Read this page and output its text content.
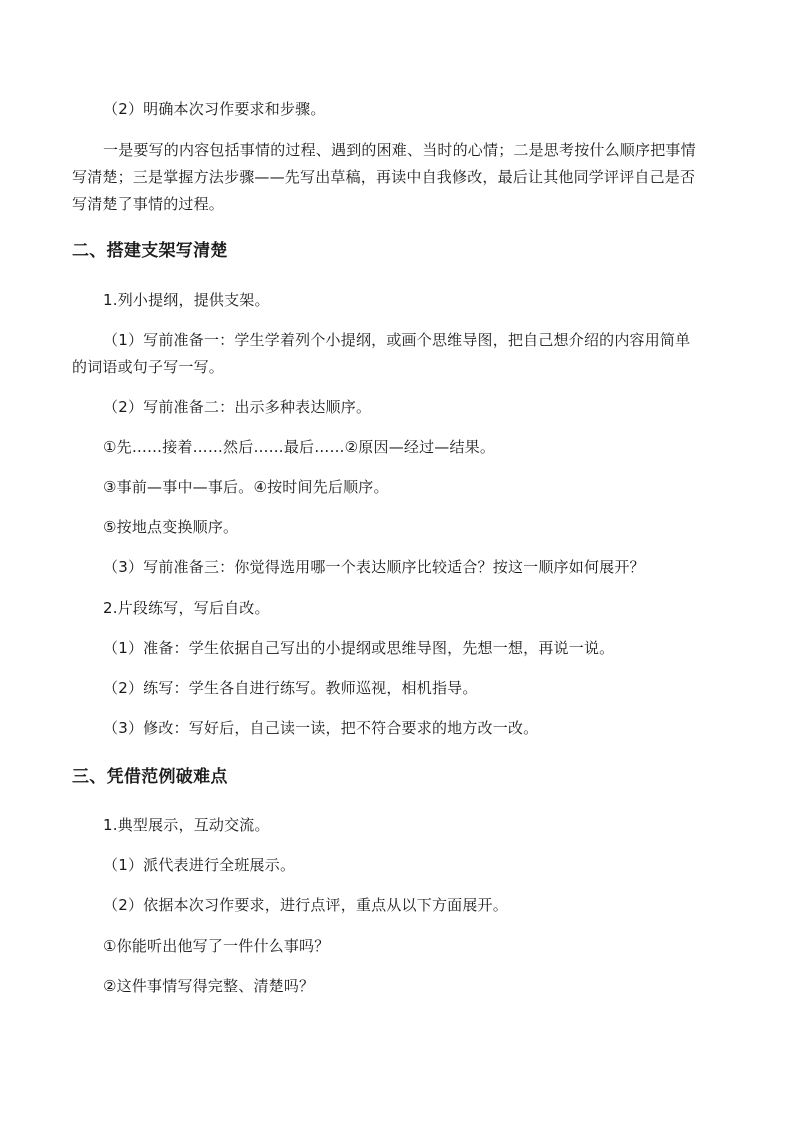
（2）明确本次习作要求和步骤。
一是要写的内容包括事情的过程、遇到的困难、当时的心情；二是思考按什么顺序把事情
写清楚；三是掌握方法步骤——先写出草稿，再读中自我修改，最后让其他同学评评自己是否
写清楚了事情的过程。
二、搭建支架写清楚
1.列小提纲，提供支架。
（1）写前准备一：学生学着列个小提纲，或画个思维导图，把自己想介绍的内容用简单
的词语或句子写一写。
（2）写前准备二：出示多种表达顺序。
①先……接着……然后……最后……②原因—经过—结果。
③事前—事中—事后。④按时间先后顺序。
⑤按地点变换顺序。
（3）写前准备三：你觉得选用哪一个表达顺序比较适合？按这一顺序如何展开？
2.片段练写，写后自改。
（1）准备：学生依据自己写出的小提纲或思维导图，先想一想，再说一说。
（2）练写：学生各自进行练写。教师巡视，相机指导。
（3）修改：写好后，自己读一读，把不符合要求的地方改一改。
三、凭借范例破难点
1.典型展示，互动交流。
（1）派代表进行全班展示。
（2）依据本次习作要求，进行点评，重点从以下方面展开。
①你能听出他写了一件什么事吗？
②这件事情写得完整、清楚吗？
